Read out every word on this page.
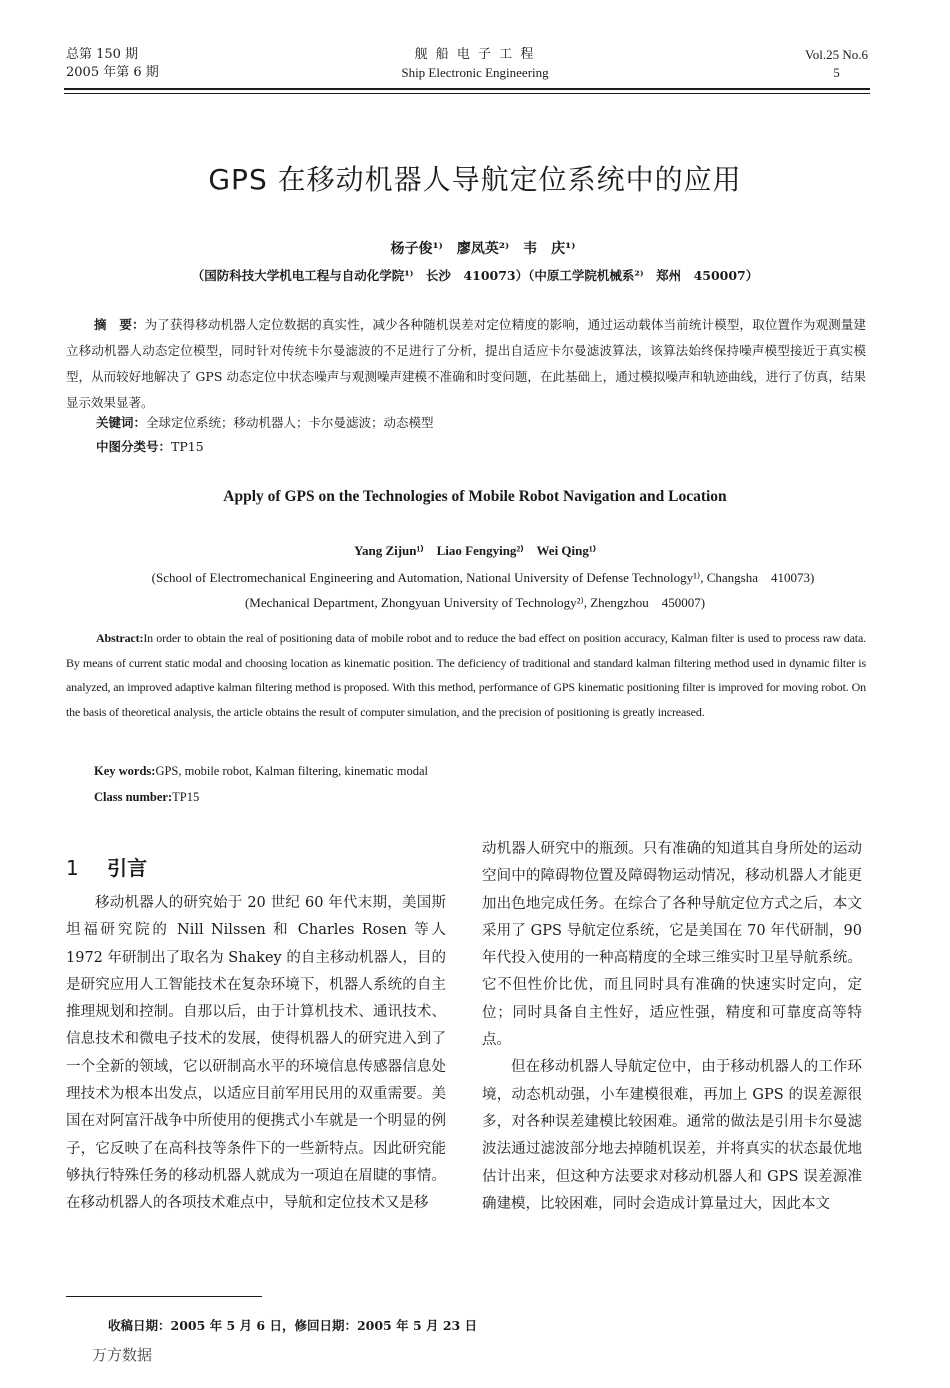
总第 150 期
2005 年第 6 期
舰 船 电 子 工 程
Ship Electronic Engineering
Vol.25 No.6
5
GPS 在移动机器人导航定位系统中的应用
杨子俊¹⁾　廖凤英²⁾　韦　庆¹⁾
（国防科技大学机电工程与自动化学院¹⁾　长沙　410073）（中原工学院机械系²⁾　郑州　450007）
摘　要：为了获得移动机器人定位数据的真实性，减少各种随机误差对定位精度的影响，通过运动载体当前统计模型，取位置作为观测量建立移动机器人动态定位模型，同时针对传统卡尔曼滤波的不足进行了分析，提出自适应卡尔曼滤波算法，该算法始终保持噪声模型接近于真实模型，从而较好地解决了 GPS 动态定位中状态噪声与观测噪声建模不准确和时变问题，在此基础上，通过模拟噪声和轨迹曲线，进行了仿真，结果显示效果显著。
关键词：全球定位系统；移动机器人；卡尔曼滤波；动态模型
中图分类号：TP15
Apply of GPS on the Technologies of Mobile Robot Navigation and Location
Yang Zijun¹⁾　Liao Fengying²⁾　Wei Qing¹⁾
(School of Electromechanical Engineering and Automation, National University of Defense Technology¹⁾, Changsha　410073)
(Mechanical Department, Zhongyuan University of Technology²⁾, Zhengzhou　450007)
Abstract:In order to obtain the real of positioning data of mobile robot and to reduce the bad effect on position accuracy, Kalman filter is used to process raw data. By means of current static modal and choosing location as kinematic position. The deficiency of traditional and standard kalman filtering method used in dynamic filter is analyzed, an improved adaptive kalman filtering method is proposed. With this method, performance of GPS kinematic positioning filter is improved for moving robot. On the basis of theoretical analysis, the article obtains the result of computer simulation, and the precision of positioning is greatly increased.
Key words:GPS, mobile robot, Kalman filtering, kinematic modal
Class number:TP15
1 引言

移动机器人的研究始于 20 世纪 60 年代末期，美国斯坦福研究院的 Nill Nilssen 和 Charles Rosen 等人 1972 年研制出了取名为 Shakey 的自主移动机器人，目的是研究应用人工智能技术在复杂环境下，机器人系统的自主推理规划和控制。自那以后，由于计算机技术、通讯技术、信息技术和微电子技术的发展，使得机器人的研究进入到了一个全新的领域，它以研制高水平的环境信息传感器信息处理技术为根本出发点，以适应目前军用民用的双重需要。美国在对阿富汗战争中所使用的便携式小车就是一个明显的例子，它反映了在高科技等条件下的一些新特点。因此研究能够执行特殊任务的移动机器人就成为一项迫在眉睫的事情。在移动机器人的各项技术难点中，导航和定位技术又是移

动机器人研究中的瓶颈。只有准确的知道其自身所处的运动空间中的障碍物位置及障碍物运动情况，移动机器人才能更加出色地完成任务。在综合了各种导航定位方式之后，本文采用了 GPS 导航定位系统，它是美国在 70 年代研制，90 年代投入使用的一种高精度的全球三维实时卫星导航系统。它不但性价比优，而且同时具有准确的快速实时定向，定位；同时具备自主性好，适应性强，精度和可靠度高等特点。

但在移动机器人导航定位中，由于移动机器人的工作环境，动态机动强，小车建模很难，再加上 GPS 的误差源很多，对各种误差建模比较困难。通常的做法是引用卡尔曼滤波法通过滤波部分地去掉随机误差，并将真实的状态最优地估计出来，但这种方法要求对移动机器人和 GPS 误差源准确建模，比较困难，同时会造成计算量过大，因此本文

收稿日期：2005 年 5 月 6 日，修回日期：2005 年 5 月 23 日
万方数据
